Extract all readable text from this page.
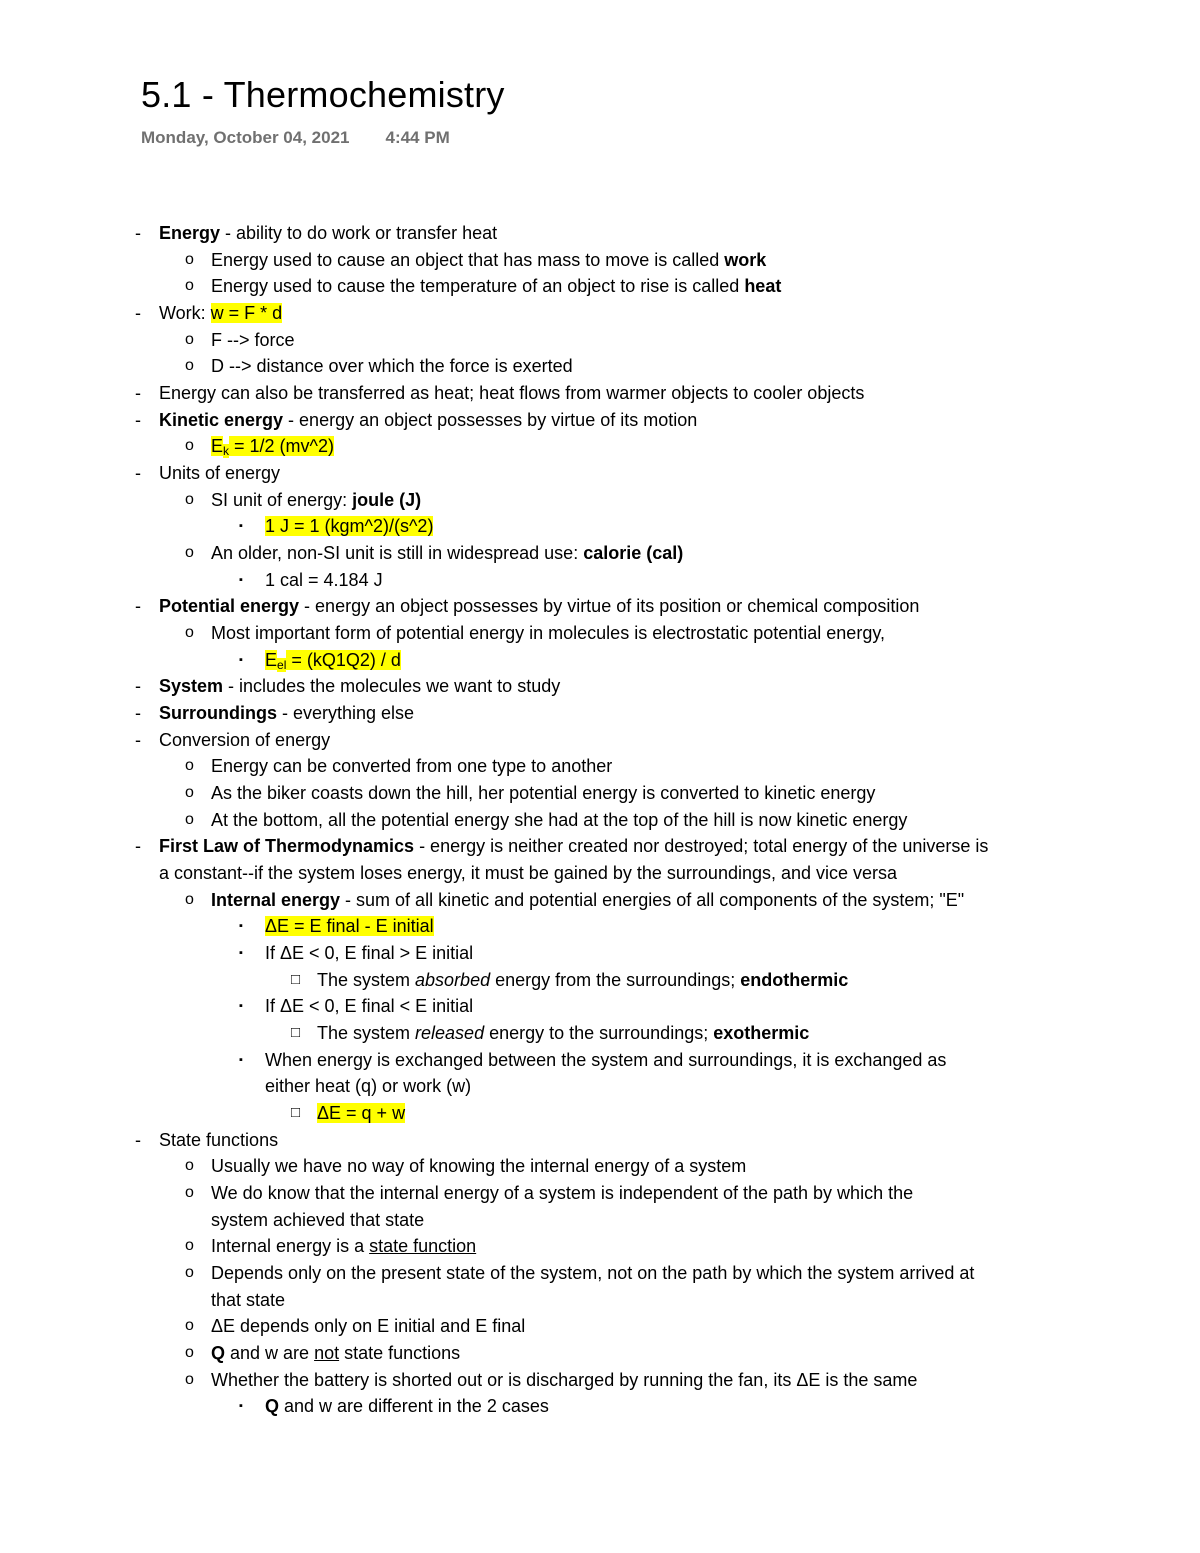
5.1 - Thermochemistry
Monday, October 04, 2021 4:44 PM
-	Energy - ability to do work or transfer heat
o Energy used to cause an object that has mass to move is called work
o Energy used to cause the temperature of an object to rise is called heat
-	Work: w = F * d
o F --> force
o D --> distance over which the force is exerted
-	Energy can also be transferred as heat; heat flows from warmer objects to cooler objects
-	Kinetic energy - energy an object possesses by virtue of its motion
o $E_k = 1/2$ (mv^2)
-	Units of energy
o SI unit of energy: joule (J)
▪	1 J = 1 (kgm^2)/(s^2)
o An older, non-SI unit is still in widespread use: calorie (cal)
▪	1 cal = 4.184 J
-	Potential energy - energy an object possesses by virtue of its position or chemical composition
o Most important form of potential energy in molecules is electrostatic potential energy,
▪	$E_{el} = (kQ1Q2) / d$
-	System - includes the molecules we want to study
-	Surroundings - everything else
-	Conversion of energy
o Energy can be converted from one type to another
o As the biker coasts down the hill, her potential energy is converted to kinetic energy
o At the bottom, all the potential energy she had at the top of the hill is now kinetic energy
-	First Law of Thermodynamics - energy is neither created nor destroyed; total energy of the universe is
a constant--if the system loses energy, it must be gained by the surroundings, and vice versa
o Internal energy - sum of all kinetic and potential energies of all components of the system; "E"
▪	ΔE = E final - E initial
▪	If ΔE < 0, E final > E initial
□ The system absorbed energy from the surroundings; endothermic
▪	If ΔE < 0, E final < E initial
□ The system released energy to the surroundings; exothermic
▪	When energy is exchanged between the system and surroundings, it is exchanged as
either heat (q) or work (w)
□ ΔE = q + w
-	State functions
o Usually we have no way of knowing the internal energy of a system
o We do know that the internal energy of a system is independent of the path by which the
system achieved that state
o Internal energy is a state function
o Depends only on the present state of the system, not on the path by which the system arrived at
that state
o ΔE depends only on E initial and E final
o Q and w are not state functions
o Whether the battery is shorted out or is discharged by running the fan, its ΔE is the same
▪	Q and w are different in the 2 cases
